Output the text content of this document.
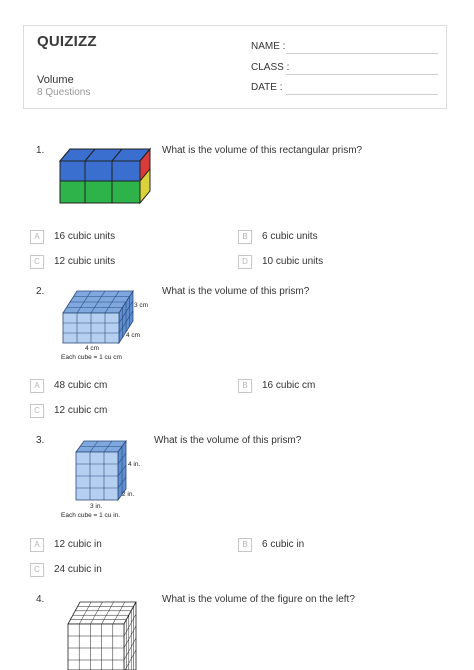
QUIZIZZ
Volume
8 Questions
NAME :
CLASS :
DATE :
1.	What is the volume of this rectangular prism?
A	16 cubic units	B	6 cubic units
C	12 cubic units	D	10 cubic units
2.
3 cm
4 cm
4 cm
Each cube = 1 cu cm
What is the volume of this prism?
A	48 cubic cm	B	16 cubic cm
C	12 cubic cm
3.
4 in.
2 in.
3 in.
Each cube = 1 cu in.
What is the volume of this prism?
A	12 cubic in	B	6 cubic in
C	24 cubic in
4.	What is the volume of the figure on the left?
